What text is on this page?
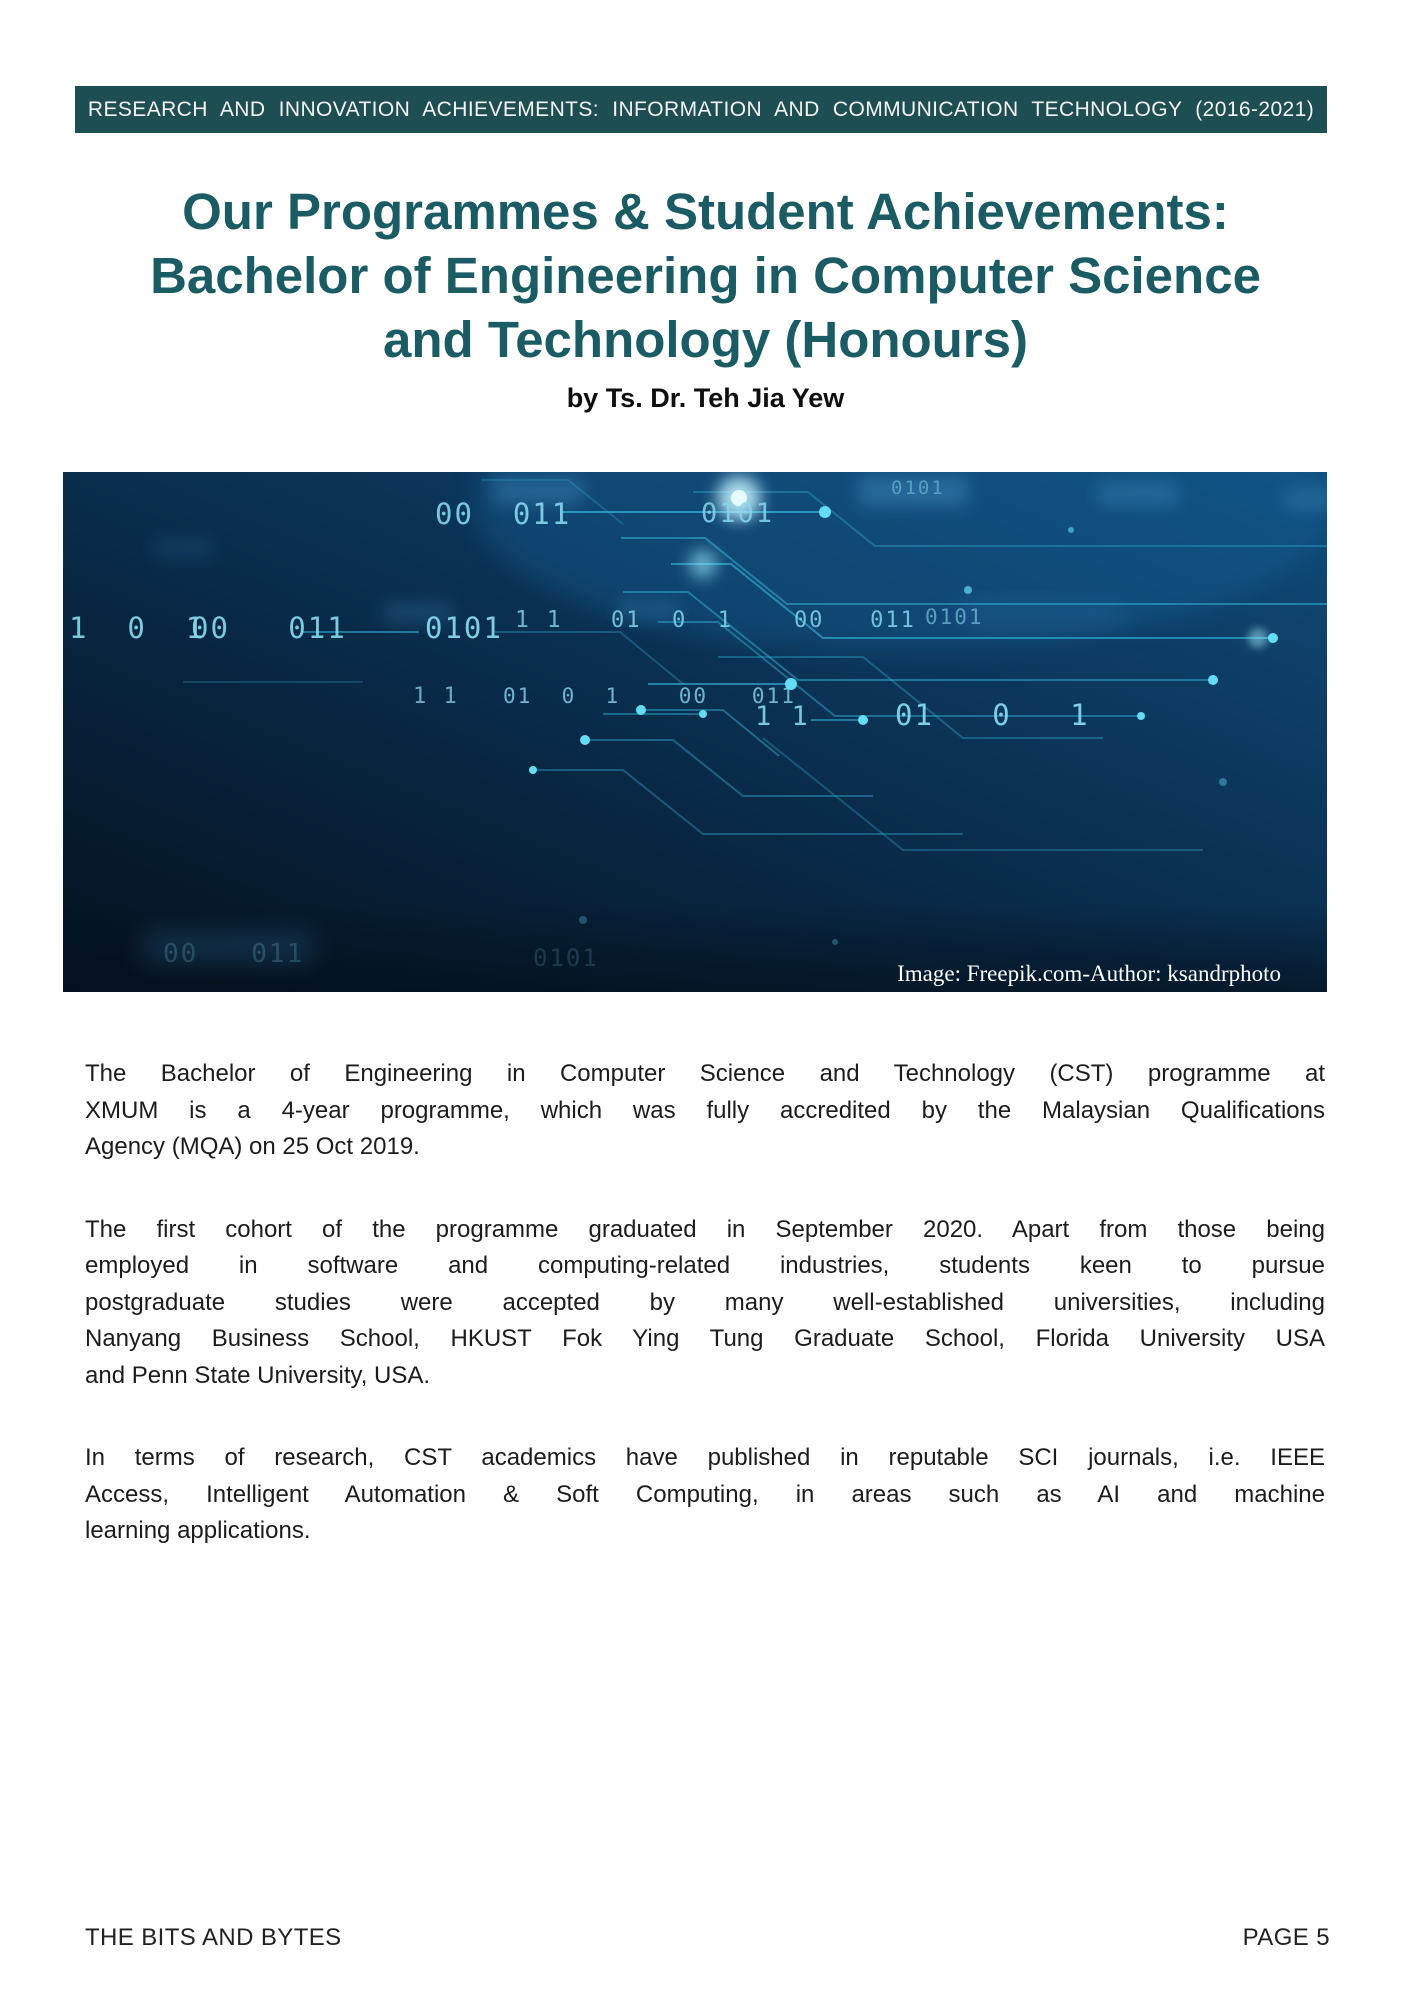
RESEARCH AND INNOVATION ACHIEVEMENTS: INFORMATION AND COMMUNICATION TECHNOLOGY (2016-2021)
Our Programmes & Student Achievements:
Bachelor of Engineering in Computer Science
and Technology (Honours)
by Ts. Dr. Teh Jia Yew
00  011	0101
0101
1 1 01  0  1    00   011 0101
1  0  1
00   011	0101
1 1 01  0  1    00   011
1 1	01   0   1
00   011	0101
Image: Freepik.com-Author: ksandrphoto
The Bachelor of Engineering in Computer Science and Technology (CST) programme at
XMUM is a 4-year programme, which was fully accredited by the Malaysian Qualifications
Agency (MQA) on 25 Oct 2019.
The first cohort of the programme graduated in September 2020. Apart from those being
employed in software and computing-related industries, students keen to pursue
postgraduate studies were accepted by many well-established universities, including
Nanyang Business School, HKUST Fok Ying Tung Graduate School, Florida University USA
and Penn State University, USA.
In terms of research, CST academics have published in reputable SCI journals, i.e. IEEE
Access, Intelligent Automation & Soft Computing, in areas such as AI and machine
learning applications.
THE BITS AND BYTES	PAGE 5
